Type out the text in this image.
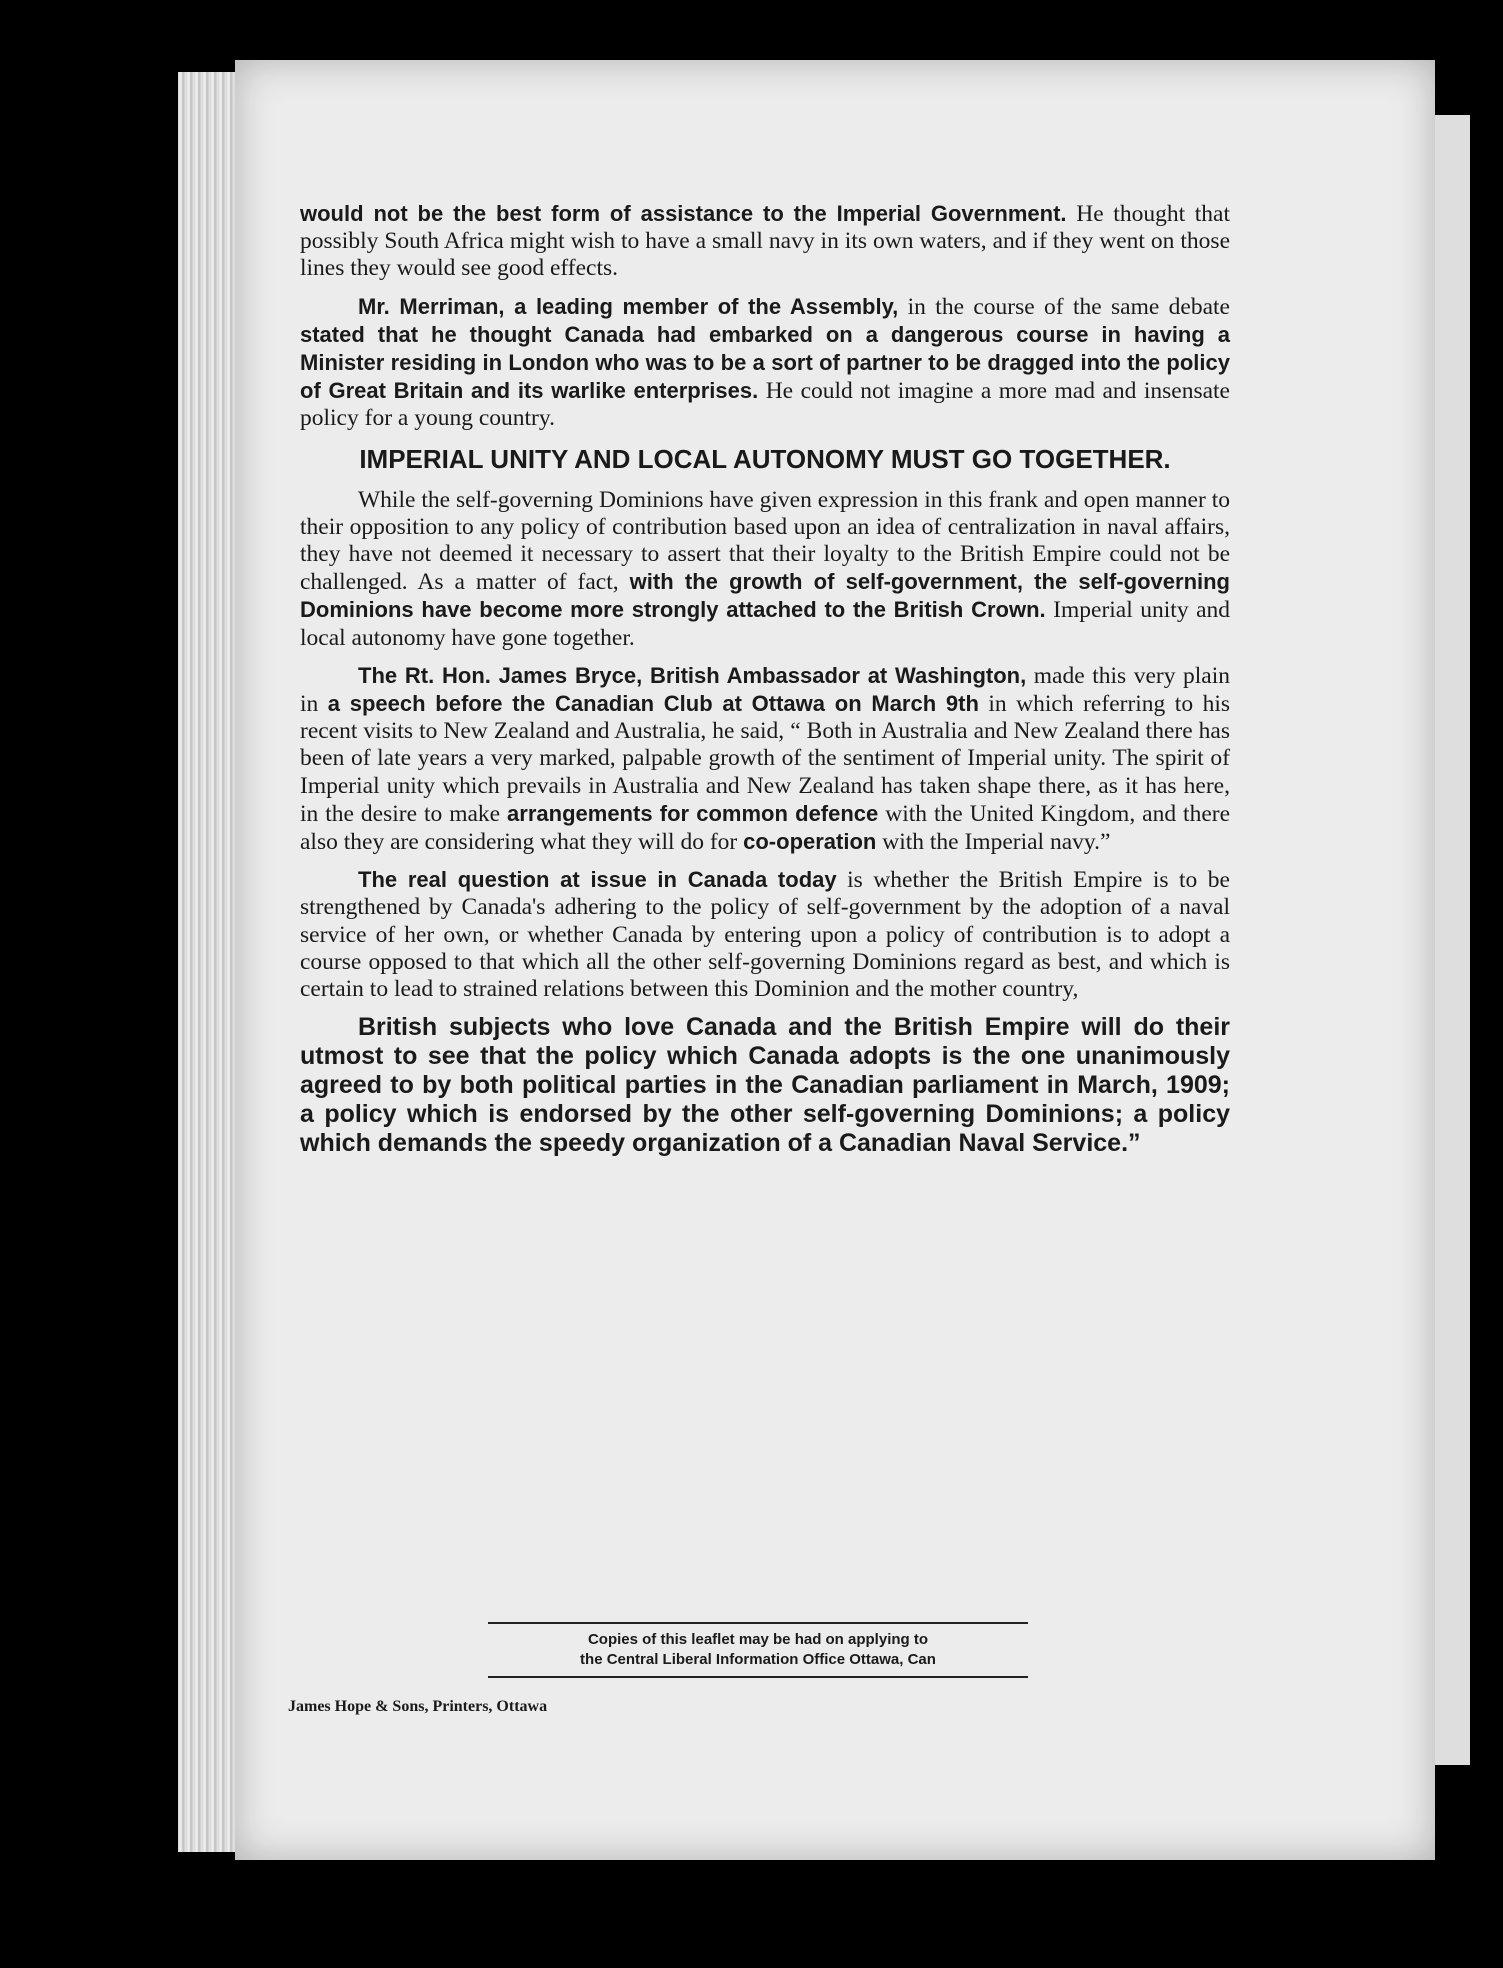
would not be the best form of assistance to the Imperial Government. He thought that possibly South Africa might wish to have a small navy in its own waters, and if they went on those lines they would see good effects.

Mr. Merriman, a leading member of the Assembly, in the course of the same debate stated that he thought Canada had embarked on a dangerous course in having a Minister residing in London who was to be a sort of partner to be dragged into the policy of Great Britain and its warlike enterprises. He could not imagine a more mad and insensate policy for a young country.

IMPERIAL UNITY AND LOCAL AUTONOMY MUST GO TOGETHER.

While the self-governing Dominions have given expression in this frank and open manner to their opposition to any policy of contribution based upon an idea of centralization in naval affairs, they have not deemed it necessary to assert that their loyalty to the British Empire could not be challenged. As a matter of fact, with the growth of self-government, the self-governing Dominions have become more strongly attached to the British Crown. Imperial unity and local autonomy have gone together.

The Rt. Hon. James Bryce, British Ambassador at Washington, made this very plain in a speech before the Canadian Club at Ottawa on March 9th in which referring to his recent visits to New Zealand and Australia, he said, “ Both in Australia and New Zealand there has been of late years a very marked, palpable growth of the sentiment of Imperial unity. The spirit of Imperial unity which prevails in Australia and New Zealand has taken shape there, as it has here, in the desire to make arrangements for common defence with the United Kingdom, and there also they are considering what they will do for co-operation with the Imperial navy.”

The real question at issue in Canada today is whether the British Empire is to be strengthened by Canada's adhering to the policy of self-government by the adoption of a naval service of her own, or whether Canada by entering upon a policy of contribution is to adopt a course opposed to that which all the other self-governing Dominions regard as best, and which is certain to lead to strained relations between this Dominion and the mother country,

British subjects who love Canada and the British Empire will do their utmost to see that the policy which Canada adopts is the one unanimously agreed to by both political parties in the Canadian parliament in March, 1909; a policy which is endorsed by the other self-governing Dominions; a policy which demands the speedy organization of a Canadian Naval Service.”

Copies of this leaflet may be had on applying to
the Central Liberal Information Office Ottawa, Can
James Hope & Sons, Printers, Ottawa
